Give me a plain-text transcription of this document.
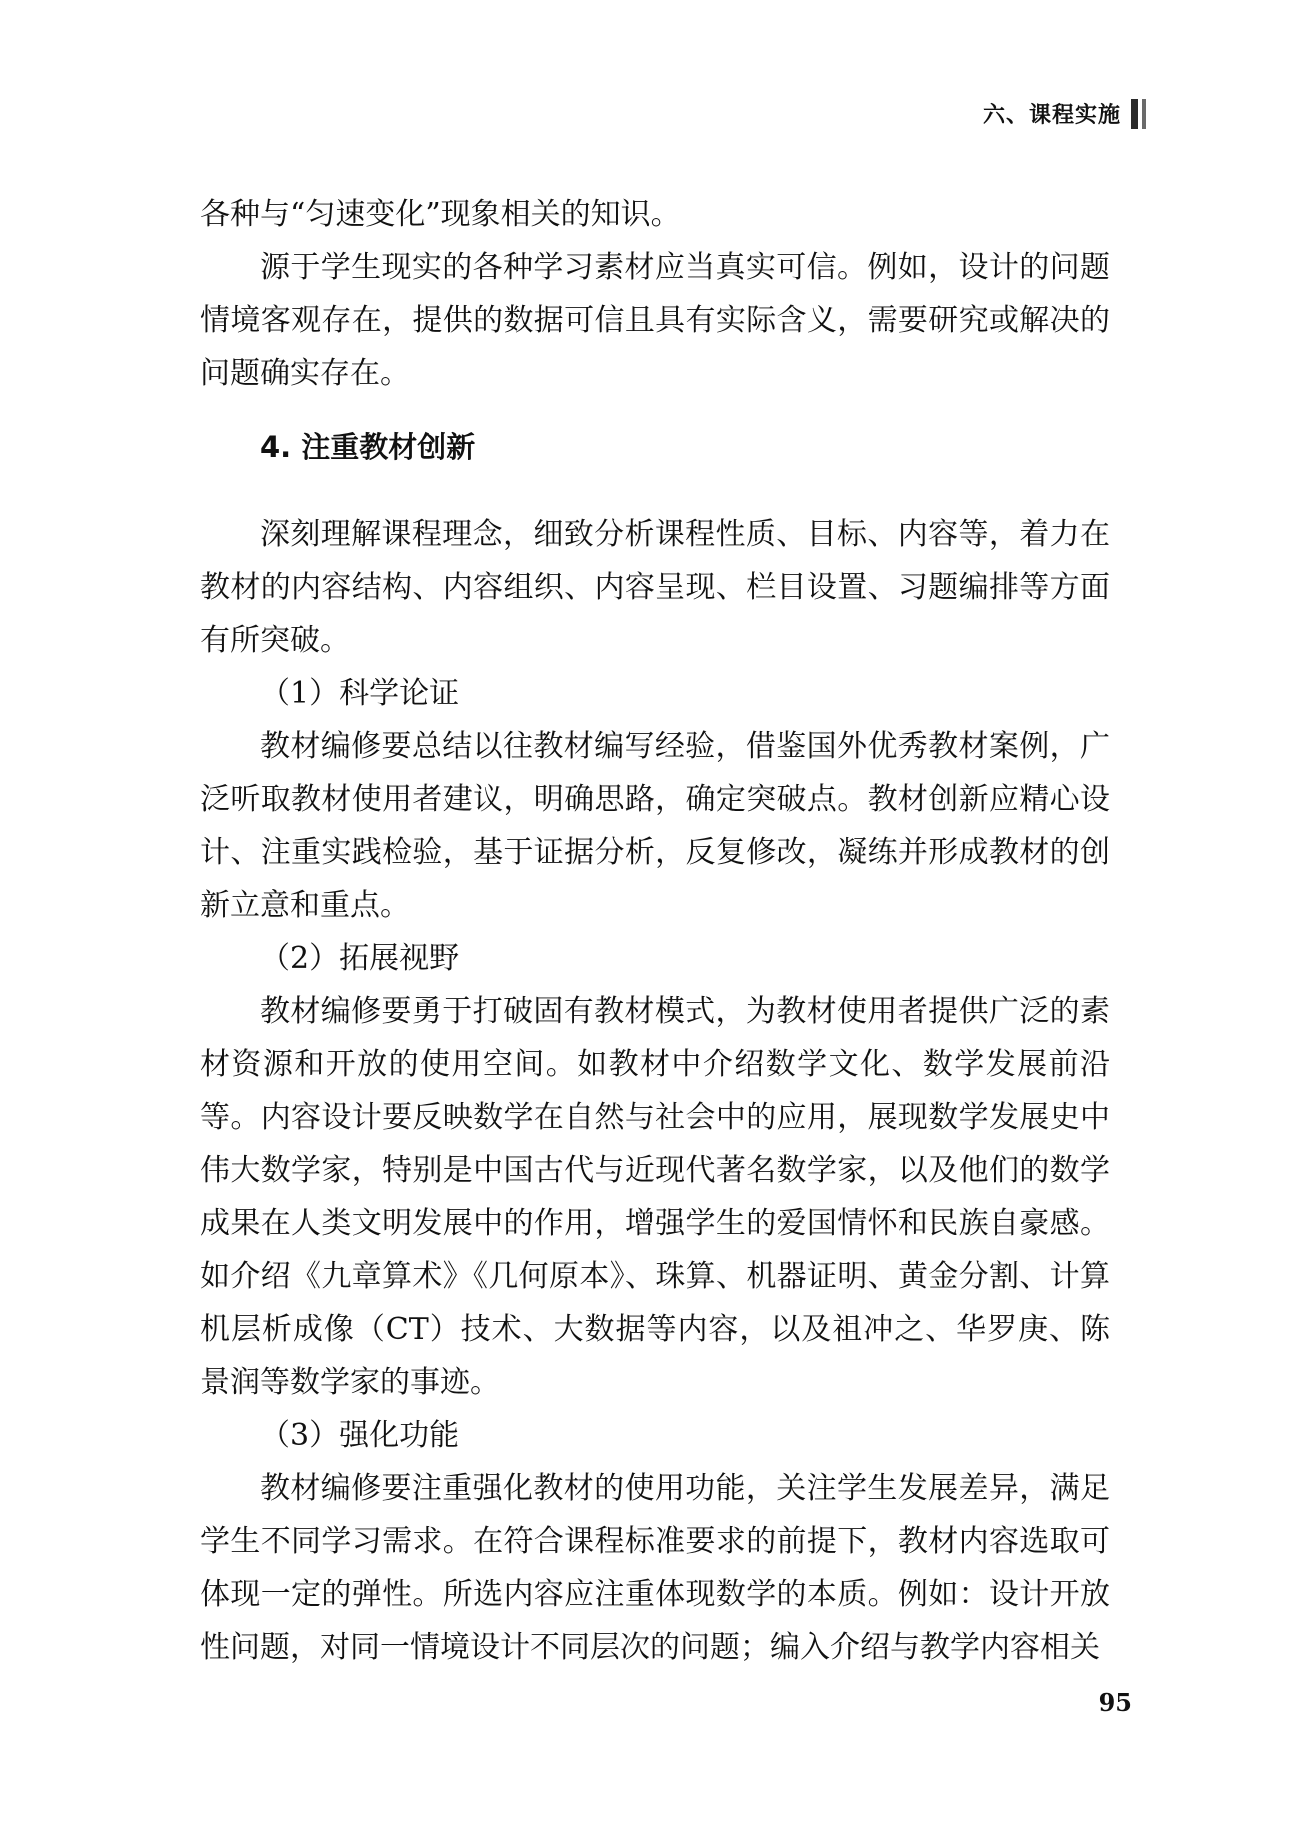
六、课程实施

各种与“匀速变化”现象相关的知识。

源于学生现实的各种学习素材应当真实可信。例如，设计的问题情境客观存在，提供的数据可信且具有实际含义，需要研究或解决的问题确实存在。

4. 注重教材创新

深刻理解课程理念，细致分析课程性质、目标、内容等，着力在教材的内容结构、内容组织、内容呈现、栏目设置、习题编排等方面有所突破。

（1）科学论证

教材编修要总结以往教材编写经验，借鉴国外优秀教材案例，广泛听取教材使用者建议，明确思路，确定突破点。教材创新应精心设计、注重实践检验，基于证据分析，反复修改，凝练并形成教材的创新立意和重点。

（2）拓展视野

教材编修要勇于打破固有教材模式，为教材使用者提供广泛的素材资源和开放的使用空间。如教材中介绍数学文化、数学发展前沿等。内容设计要反映数学在自然与社会中的应用，展现数学发展史中伟大数学家，特别是中国古代与近现代著名数学家，以及他们的数学成果在人类文明发展中的作用，增强学生的爱国情怀和民族自豪感。如介绍《九章算术》《几何原本》、珠算、机器证明、黄金分割、计算机层析成像（CT）技术、大数据等内容，以及祖冲之、华罗庚、陈景润等数学家的事迹。

（3）强化功能

教材编修要注重强化教材的使用功能，关注学生发展差异，满足学生不同学习需求。在符合课程标准要求的前提下，教材内容选取可体现一定的弹性。所选内容应注重体现数学的本质。例如：设计开放性问题，对同一情境设计不同层次的问题；编入介绍与教学内容相关

95
